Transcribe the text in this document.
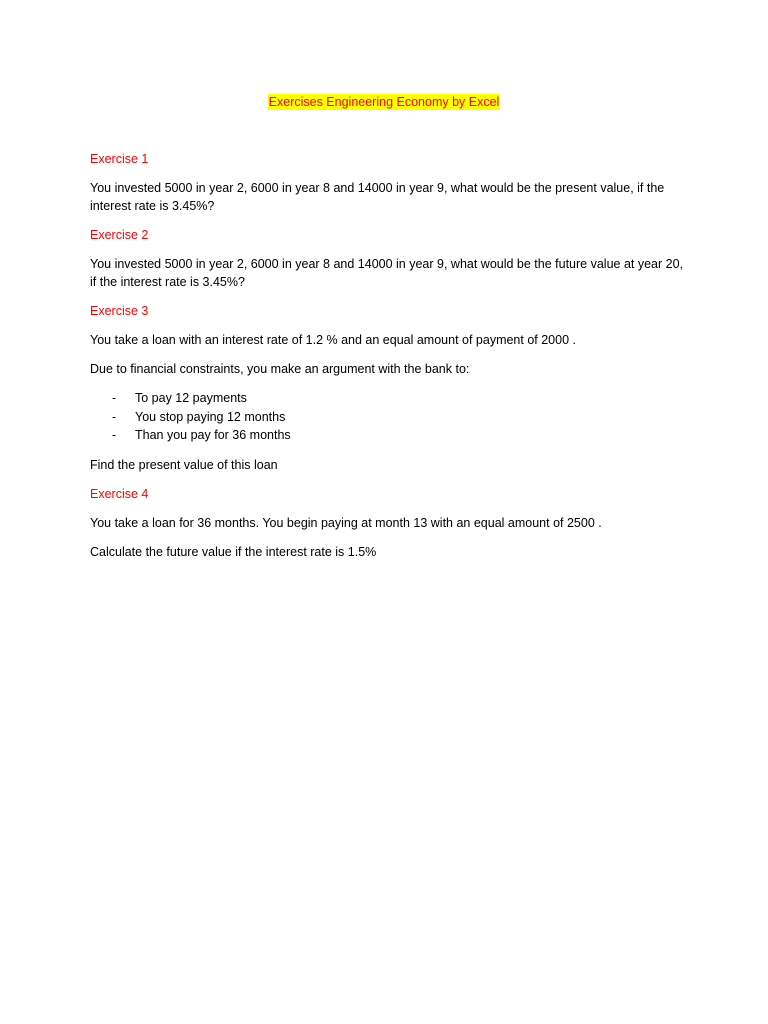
Exercises Engineering Economy by Excel

Exercise 1

You invested 5000 in year 2, 6000 in year 8 and 14000 in year 9, what would be the present value, if the interest rate is 3.45%?

Exercise 2

You invested 5000 in year 2, 6000 in year 8 and 14000 in year 9, what would be the future value at year 20, if the interest rate is 3.45%?

Exercise 3

You take a loan with an interest rate of 1.2 % and an equal amount of payment of 2000 .

Due to financial constraints, you make an argument with the bank to:

- To pay 12 payments
- You stop paying 12 months
- Than you pay for 36 months

Find the present value of this loan

Exercise 4

You take a loan for 36 months. You begin paying at month 13 with an equal amount of 2500 .

Calculate the future value if the interest rate is 1.5%
